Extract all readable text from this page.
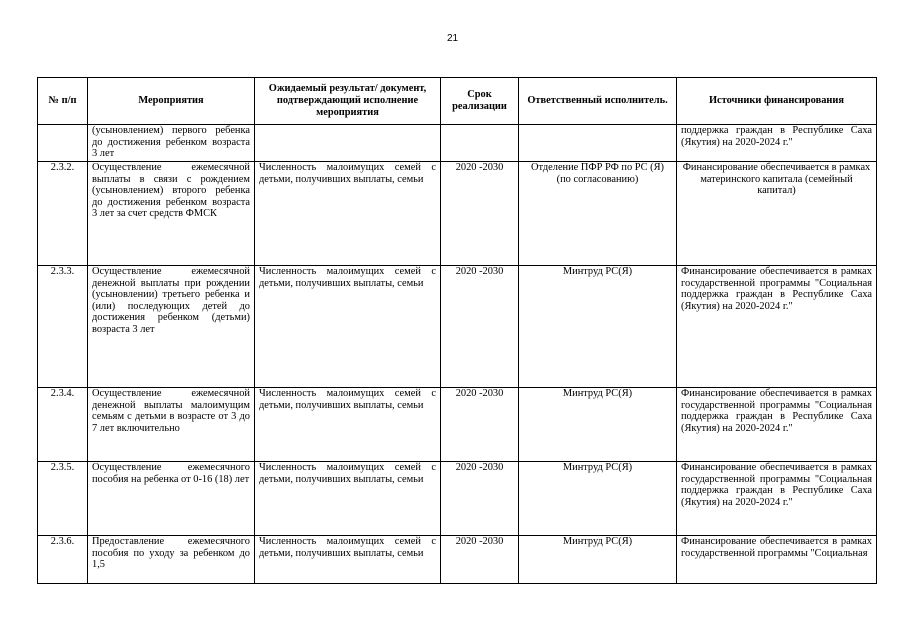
21
№ п/п	Мероприятия	Ожидаемый результат/ документ, подтверждающий исполнение мероприятия	Срок реализации	Ответственный исполнитель.	Источники финансирования
	(усыновлением) первого ребенка до достижения ребенком возраста 3 лет				поддержка граждан в Республике Саха (Якутия) на 2020-2024 г."
2.3.2.	Осуществление ежемесячной выплаты в связи с рождением (усыновлением) второго ребенка до достижения ребенком возраста 3 лет за счет средств ФМСК	Численность малоимущих семей с детьми, получивших выплаты, семьи	2020 -2030	Отделение ПФР РФ по РС (Я) (по согласованию)	Финансирование обеспечивается в рамках материнского капитала (семейный капитал)
2.3.3.	Осуществление ежемесячной денежной выплаты при рождении (усыновлении) третьего ребенка и (или) последующих детей до достижения ребенком (детьми) возраста 3 лет	Численность малоимущих семей с детьми, получивших выплаты, семьи	2020 -2030	Минтруд РС(Я)	Финансирование обеспечивается в рамках государственной программы "Социальная поддержка граждан в Республике Саха (Якутия) на 2020-2024 г."
2.3.4.	Осуществление ежемесячной денежной выплаты малоимущим семьям с детьми в возрасте от 3 до 7 лет включительно	Численность малоимущих семей с детьми, получивших выплаты, семьи	2020 -2030	Минтруд РС(Я)	Финансирование обеспечивается в рамках государственной программы "Социальная поддержка граждан в Республике Саха (Якутия) на 2020-2024 г."
2.3.5.	Осуществление ежемесячного пособия на ребенка от 0-16 (18) лет	Численность малоимущих семей с детьми, получивших выплаты, семьи	2020 -2030	Минтруд РС(Я)	Финансирование обеспечивается в рамках государственной программы "Социальная поддержка граждан в Республике Саха (Якутия) на 2020-2024 г."
2.3.6.	Предоставление ежемесячного пособия по уходу за ребенком до 1,5	Численность малоимущих семей с детьми, получивших выплаты, семьи	2020 -2030	Минтруд РС(Я)	Финансирование обеспечивается в рамках государственной программы "Социальная
